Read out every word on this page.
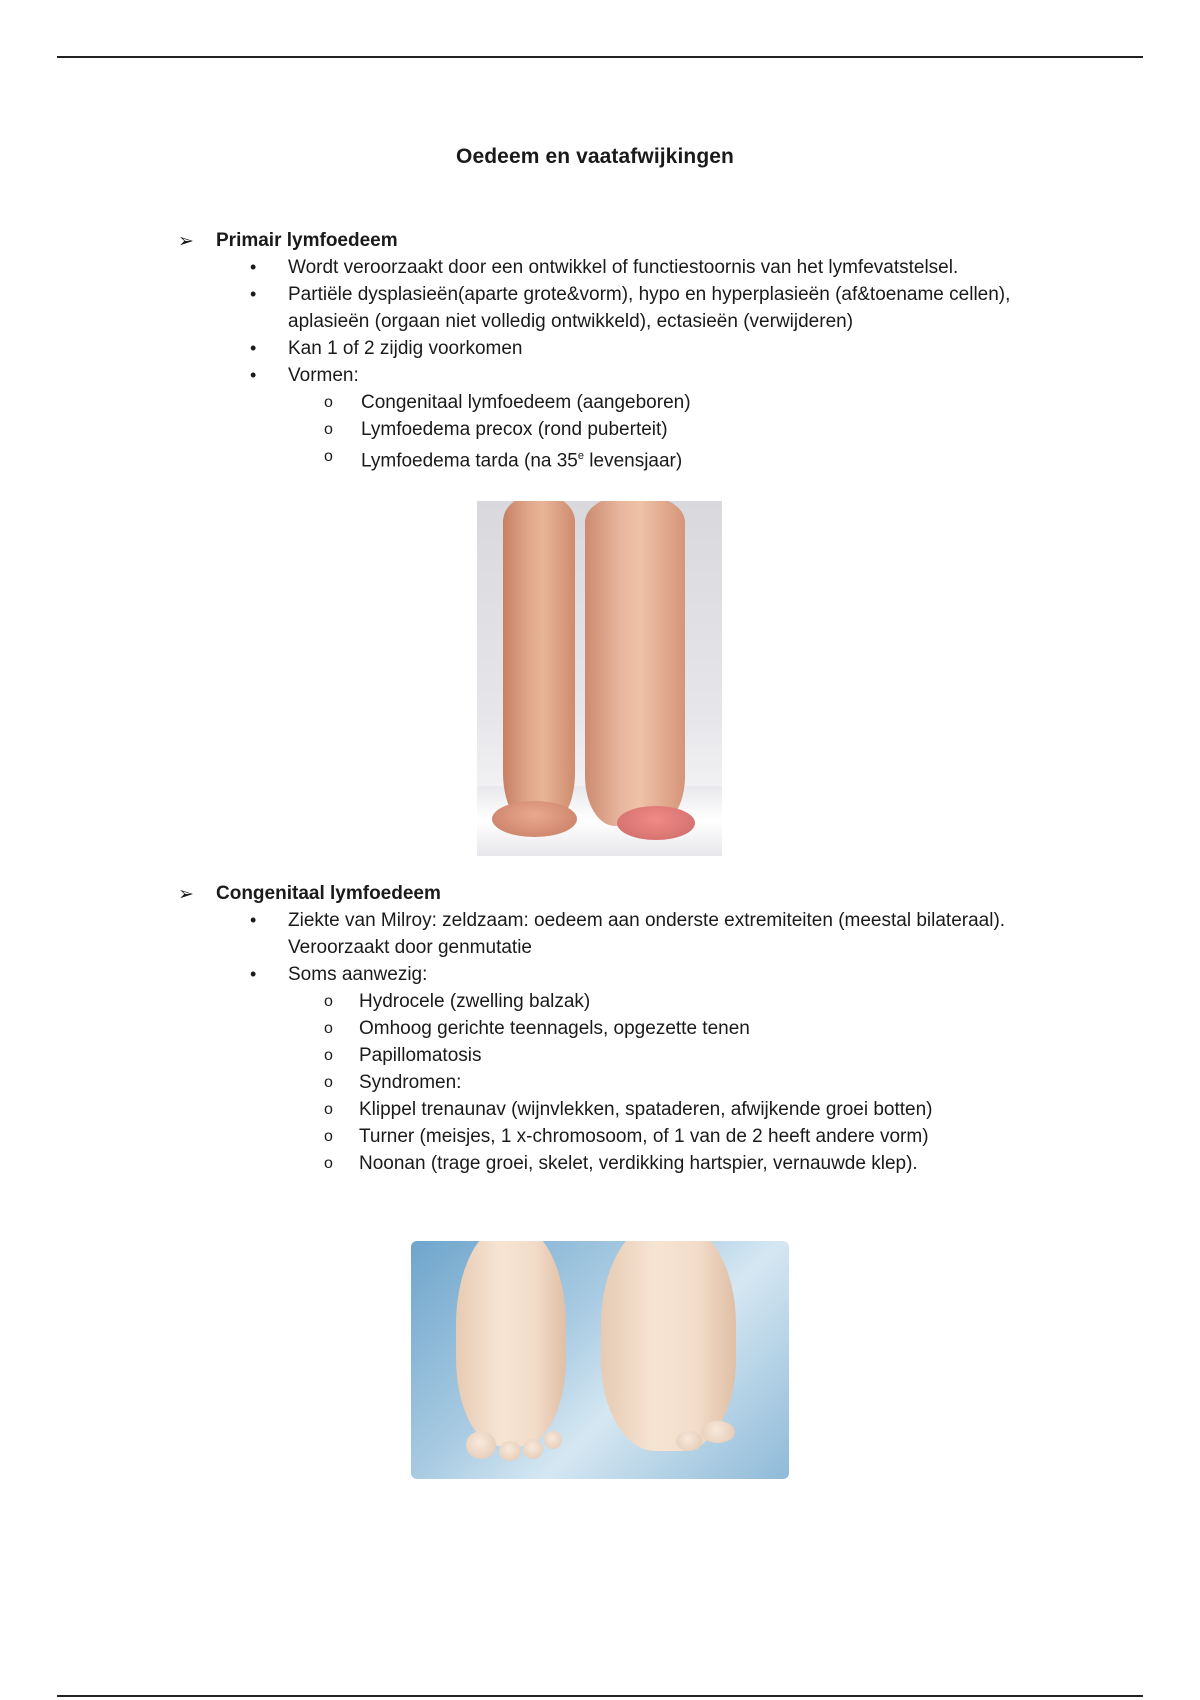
Oedeem en vaatafwijkingen
➢ Primair lymfoedeem
• Wordt veroorzaakt door een ontwikkel of functiestoornis van het lymfevatstelsel.
• Partiële dysplasieën(aparte grote&vorm), hypo en hyperplasieën (af&toename cellen), aplasieën (orgaan niet volledig ontwikkeld), ectasieën (verwijderen)
• Kan 1 of 2 zijdig voorkomen
• Vormen:
o Congenitaal lymfoedeem (aangeboren)
o Lymfoedema precox (rond puberteit)
o Lymfoedema tarda (na 35e levensjaar)
➢ Congenitaal lymfoedeem
• Ziekte van Milroy: zeldzaam: oedeem aan onderste extremiteiten (meestal bilateraal). Veroorzaakt door genmutatie
• Soms aanwezig:
o Hydrocele (zwelling balzak)
o Omhoog gerichte teennagels, opgezette tenen
o Papillomatosis
o Syndromen:
o Klippel trenaunav (wijnvlekken, spataderen, afwijkende groei botten)
o Turner (meisjes, 1 x-chromosoom, of 1 van de 2 heeft andere vorm)
o Noonan (trage groei, skelet, verdikking hartspier, vernauwde klep).
